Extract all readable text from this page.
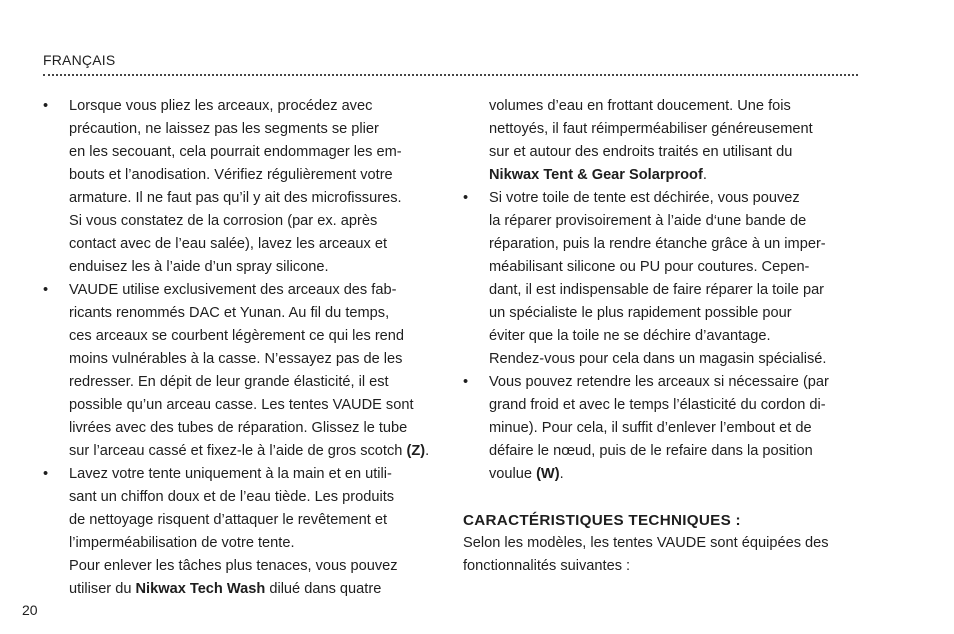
FRANÇAIS
• Lorsque vous pliez les arceaux, procédez avec
précaution, ne laissez pas les segments se plier
en les secouant, cela pourrait endommager les em-
bouts et l’anodisation. Vérifiez régulièrement votre
armature. Il ne faut pas qu’il y ait des microfissures.
Si vous constatez de la corrosion (par ex. après
contact avec de l’eau salée), lavez les arceaux et
enduisez les à l’aide d’un spray silicone.
• VAUDE utilise exclusivement des arceaux des fab-
ricants renommés DAC et Yunan. Au fil du temps,
ces arceaux se courbent légèrement ce qui les rend
moins vulnérables à la casse. N’essayez pas de les
redresser. En dépit de leur grande élasticité, il est
possible qu’un arceau casse. Les tentes VAUDE sont
livrées avec des tubes de réparation. Glissez le tube
sur l’arceau cassé et fixez-le à l’aide de gros scotch (Z).
• Lavez votre tente uniquement à la main et en utili-
sant un chiffon doux et de l’eau tiède. Les produits
de nettoyage risquent d’attaquer le revêtement et
l’imperméabilisation de votre tente.
Pour enlever les tâches plus tenaces, vous pouvez
utiliser du Nikwax Tech Wash dilué dans quatre
volumes d’eau en frottant doucement. Une fois
nettoyés, il faut réimperméabiliser généreusement
sur et autour des endroits traités en utilisant du
Nikwax Tent & Gear Solarproof.
• Si votre toile de tente est déchirée, vous pouvez
la réparer provisoirement à l’aide d‘une bande de
réparation, puis la rendre étanche grâce à un imper-
méabilisant silicone ou PU pour coutures. Cepen-
dant, il est indispensable de faire réparer la toile par
un spécialiste le plus rapidement possible pour
éviter que la toile ne se déchire d’avantage.
Rendez-vous pour cela dans un magasin spécialisé.
• Vous pouvez retendre les arceaux si nécessaire (par
grand froid et avec le temps l’élasticité du cordon di-
minue). Pour cela, il suffit d’enlever l’embout et de
défaire le nœud, puis de le refaire dans la position
voulue (W).
CARACTÉRISTIQUES TECHNIQUES :
Selon les modèles, les tentes VAUDE sont équipées des
fonctionnalités suivantes :
20
